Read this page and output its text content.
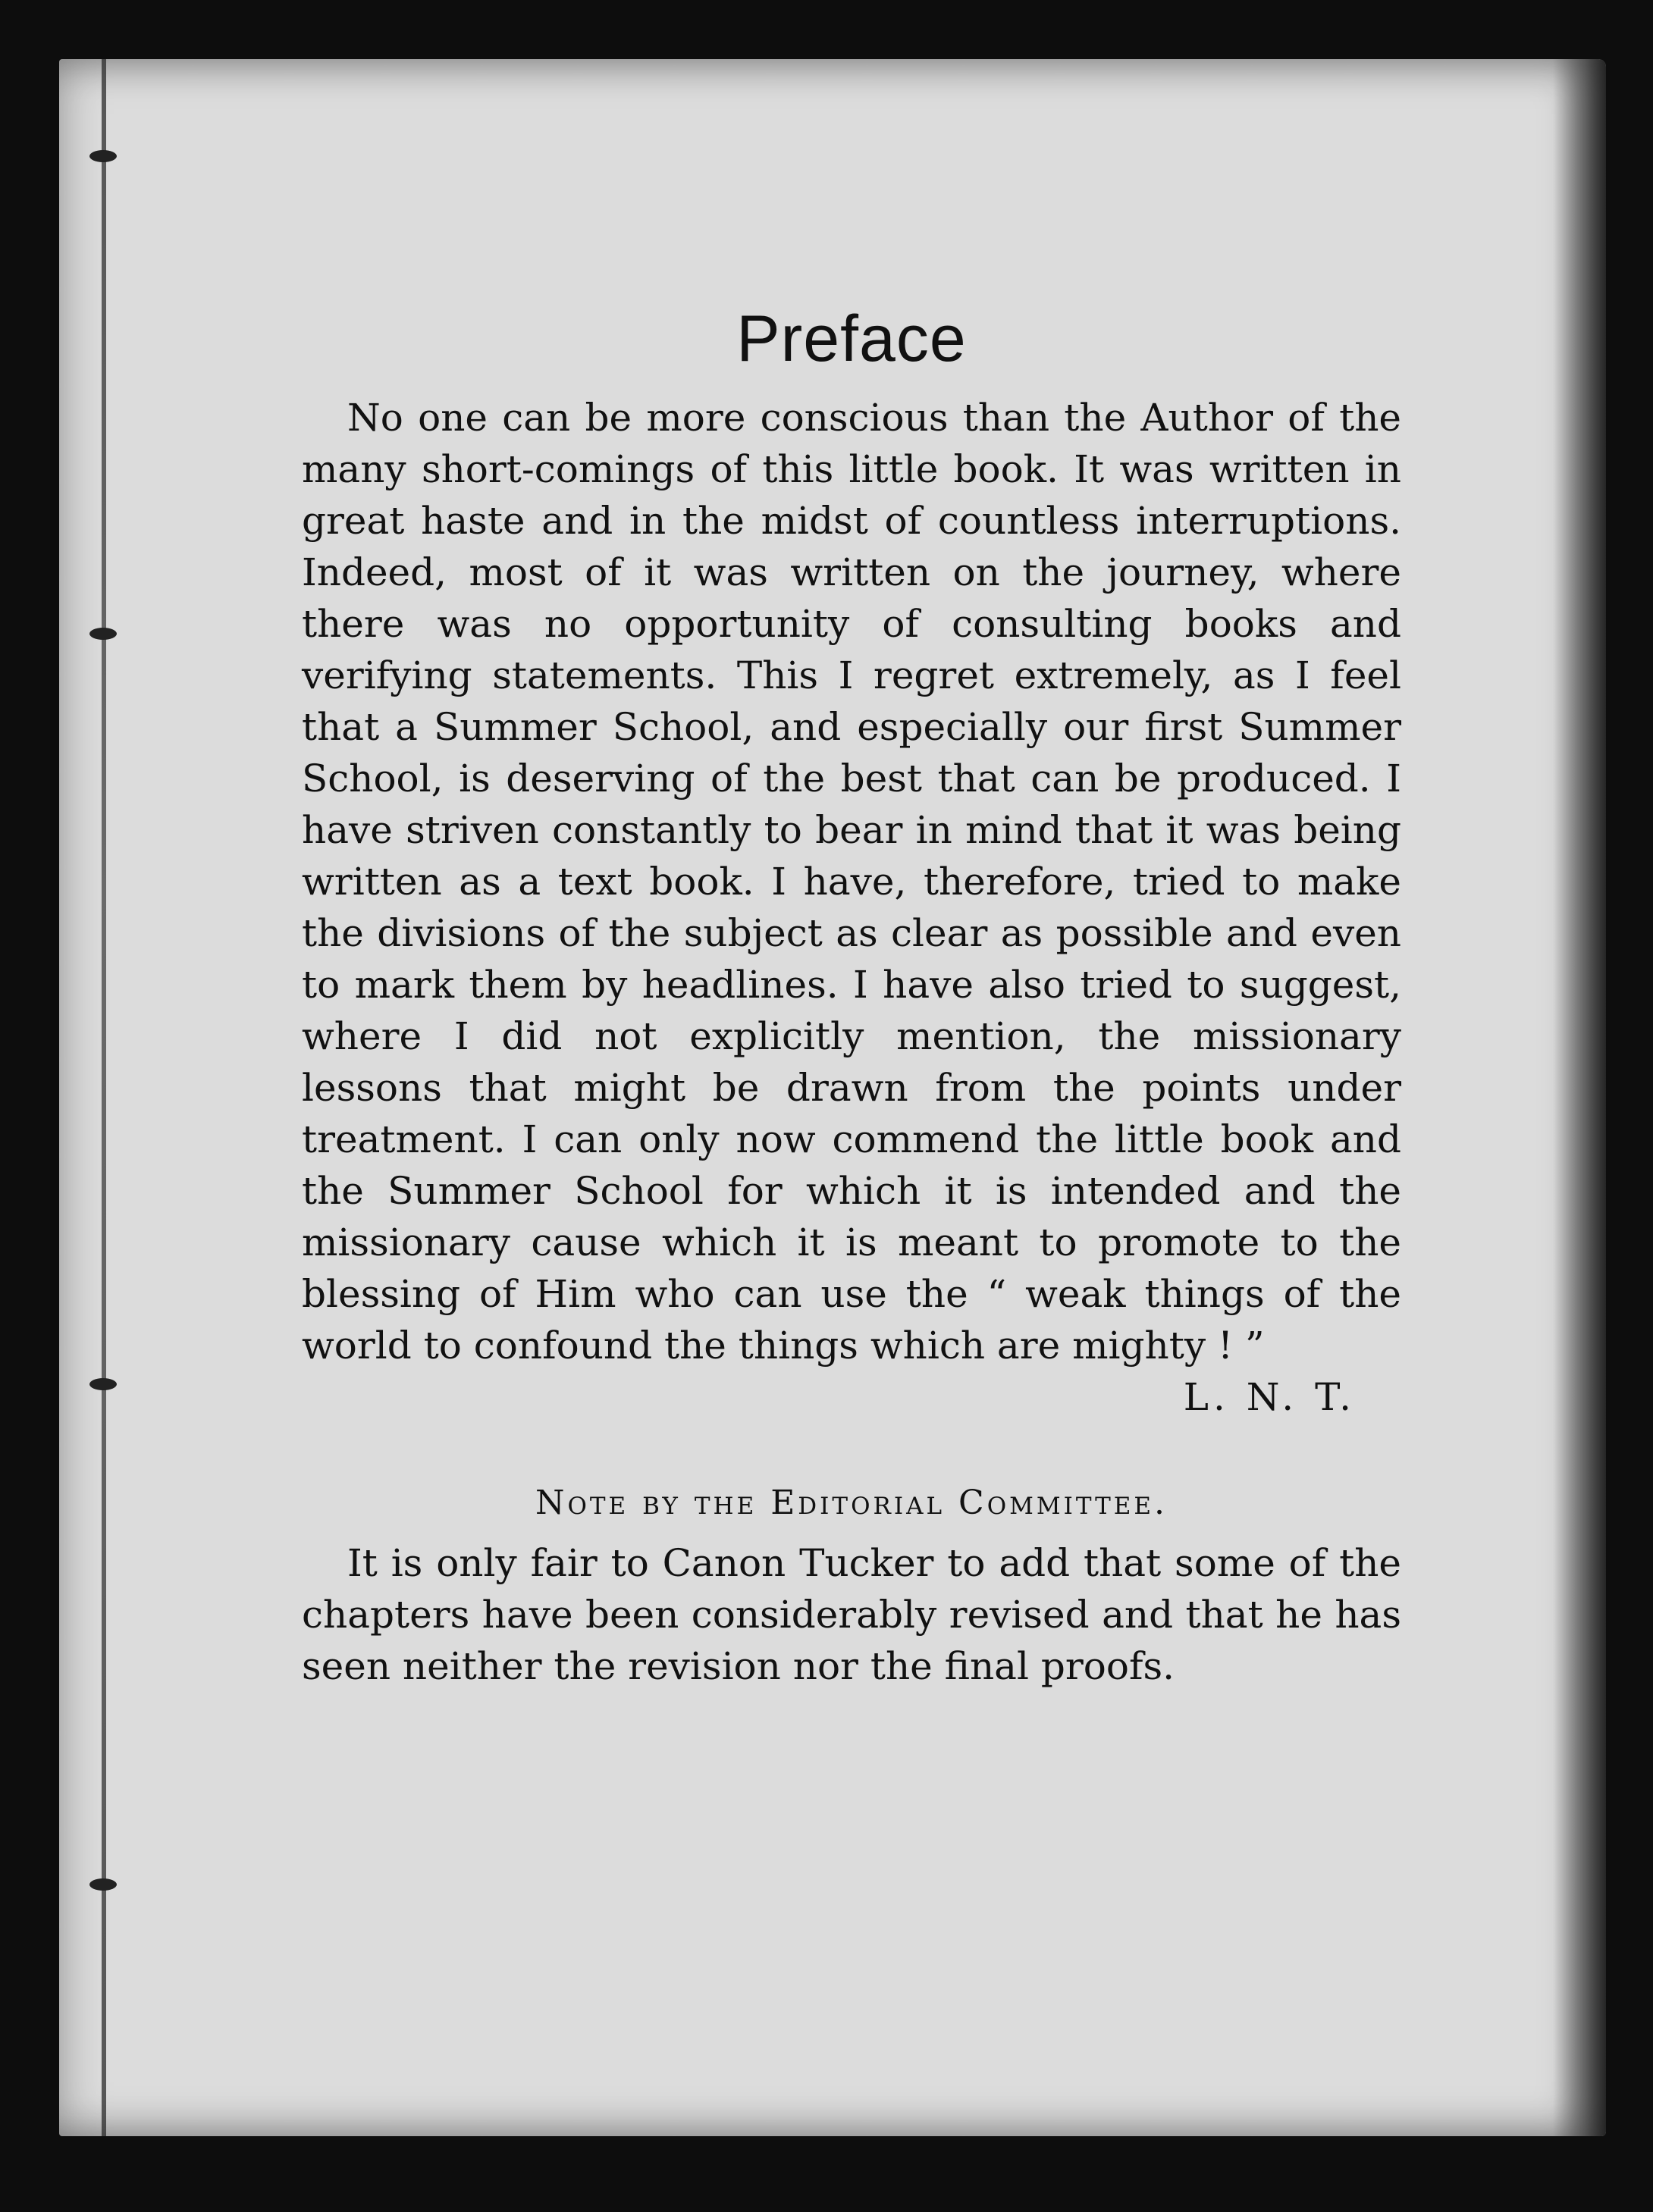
Preface

No one can be more conscious than the Author of the many short-comings of this little book. It was written in great haste and in the midst of countless interruptions. Indeed, most of it was written on the journey, where there was no opportunity of consulting books and verifying statements. This I regret extremely, as I feel that a Summer School, and especially our first Summer School, is deserving of the best that can be produced. I have striven constantly to bear in mind that it was being written as a text book. I have, therefore, tried to make the divisions of the subject as clear as possible and even to mark them by headlines. I have also tried to suggest, where I did not explicitly mention, the missionary lessons that might be drawn from the points under treatment. I can only now commend the little book and the Summer School for which it is intended and the missionary cause which it is meant to promote to the blessing of Him who can use the “ weak things of the world to confound the things which are mighty ! ”

L. N. T.
Note by the Editorial Committee.

It is only fair to Canon Tucker to add that some of the chapters have been considerably revised and that he has seen neither the revision nor the final proofs.
